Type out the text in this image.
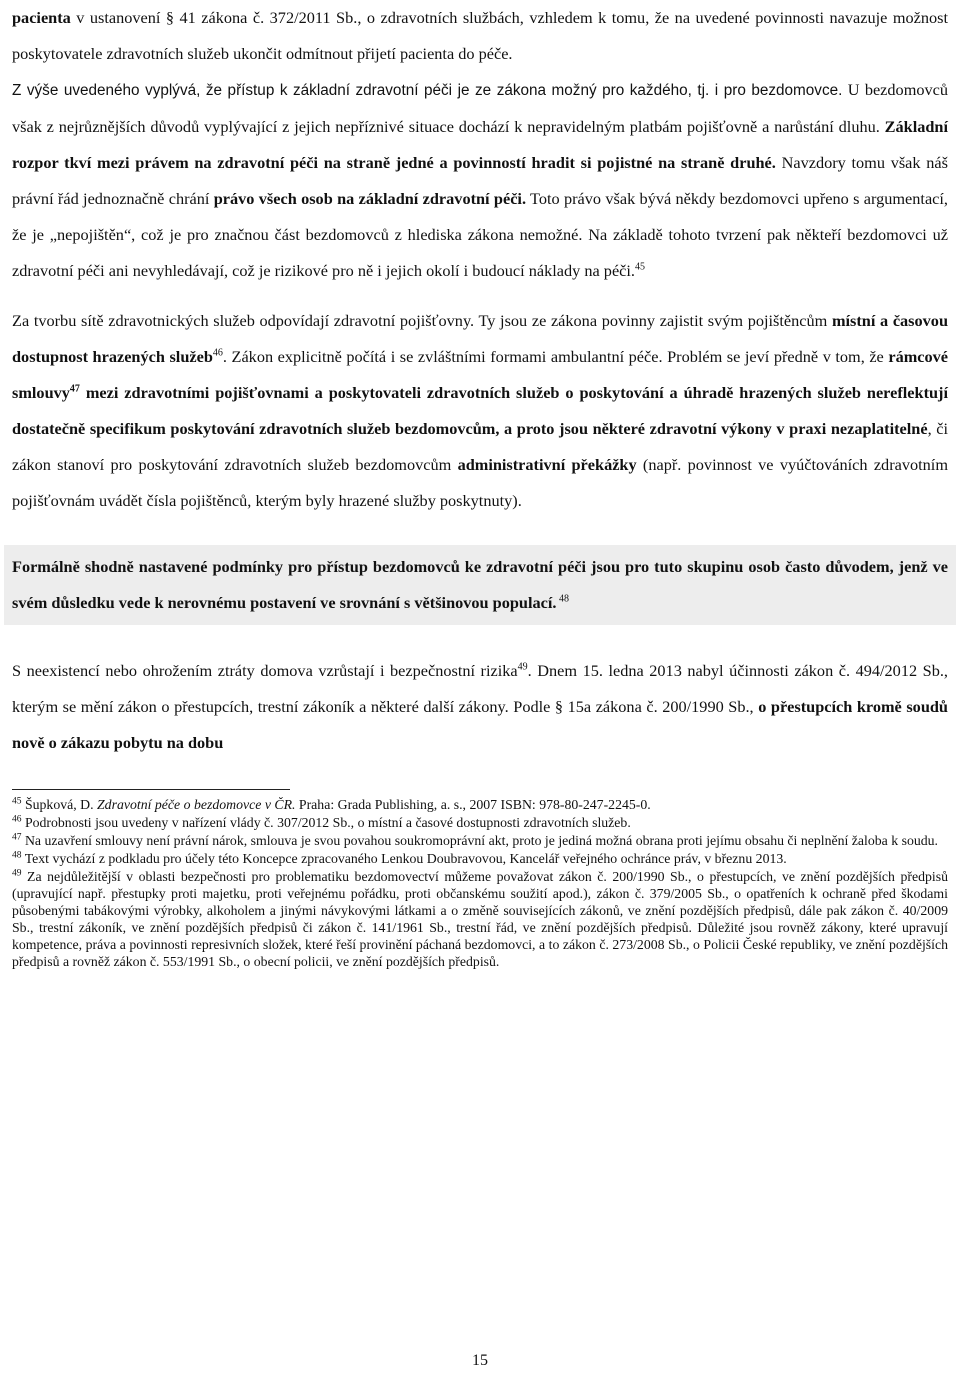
pacienta v ustanovení § 41 zákona č. 372/2011 Sb., o zdravotních službách, vzhledem k tomu, že na uvedené povinnosti navazuje možnost poskytovatele zdravotních služeb ukončit odmítnout přijetí pacienta do péče.

Z výše uvedeného vyplývá, že přístup k základní zdravotní péči je ze zákona možný pro každého, tj. i pro bezdomovce. U bezdomovců však z nejrůznějších důvodů vyplývající z jejich nepříznivé situace dochází k nepravidelným platbám pojišťovně a narůstání dluhu. Základní rozpor tkví mezi právem na zdravotní péči na straně jedné a povinností hradit si pojistné na straně druhé. Navzdory tomu však náš právní řád jednoznačně chrání právo všech osob na základní zdravotní péči. Toto právo však bývá někdy bezdomovci upřeno s argumentací, že je „nepojištěn“, což je pro značnou část bezdomovců z hlediska zákona nemožné. Na základě tohoto tvrzení pak někteří bezdomovci už zdravotní péči ani nevyhledávají, což je rizikové pro ně i jejich okolí i budoucí náklady na péči.$^{45}$

Za tvorbu sítě zdravotnických služeb odpovídají zdravotní pojišťovny. Ty jsou ze zákona povinny zajistit svým pojištěncům místní a časovou dostupnost hrazených služeb$^{46}$. Zákon explicitně počítá i se zvláštními formami ambulantní péče. Problém se jeví předně v tom, že rámcové smlouvy$^{47}$ mezi zdravotními pojišťovnami a poskytovateli zdravotních služeb o poskytování a úhradě hrazených služeb nereflektují dostatečně specifikum poskytování zdravotních služeb bezdomovcům, a proto jsou některé zdravotní výkony v praxi nezaplatitelné, či zákon stanoví pro poskytování zdravotních služeb bezdomovcům administrativní překážky (např. povinnost ve vyúčtováních zdravotním pojišťovnám uvádět čísla pojištěnců, kterým byly hrazené služby poskytnuty).

Formálně shodně nastavené podmínky pro přístup bezdomovců ke zdravotní péči jsou pro tuto skupinu osob často důvodem, jenž ve svém důsledku vede k nerovnému postavení ve srovnání s většinovou populací. $^{48}$

S neexistencí nebo ohrožením ztráty domova vzrůstají i bezpečnostní rizika$^{49}$. Dnem 15. ledna 2013 nabyl účinnosti zákon č. 494/2012 Sb., kterým se mění zákon o přestupcích, trestní zákoník a některé další zákony. Podle § 15a zákona č. 200/1990 Sb., o přestupcích kromě soudů nově o zákazu pobytu na dobu

$^{45}$ Šupková, D. Zdravotní péče o bezdomovce v ČR. Praha: Grada Publishing, a. s., 2007 ISBN: 978-80-247-2245-0.

$^{46}$ Podrobnosti jsou uvedeny v nařízení vlády č. 307/2012 Sb., o místní a časové dostupnosti zdravotních služeb.

$^{47}$ Na uzavření smlouvy není právní nárok, smlouva je svou povahou soukromoprávní akt, proto je jediná možná obrana proti jejímu obsahu či neplnění žaloba k soudu.

$^{48}$ Text vychází z podkladu pro účely této Koncepce zpracovaného Lenkou Doubravovou, Kancelář veřejného ochránce práv, v březnu 2013.

$^{49}$ Za nejdůležitější v oblasti bezpečnosti pro problematiku bezdomovectví můžeme považovat zákon č. 200/1990 Sb., o přestupcích, ve znění pozdějších předpisů (upravující např. přestupky proti majetku, proti veřejnému pořádku, proti občanskému soužití apod.), zákon č. 379/2005 Sb., o opatřeních k ochraně před škodami působenými tabákovými výrobky, alkoholem a jinými návykovými látkami a o změně souvisejících zákonů, ve znění pozdějších předpisů, dále pak zákon č. 40/2009 Sb., trestní zákoník, ve znění pozdějších předpisů či zákon č. 141/1961 Sb., trestní řád, ve znění pozdějších předpisů. Důležité jsou rovněž zákony, které upravují kompetence, práva a povinnosti represivních složek, které řeší provinění páchaná bezdomovci, a to zákon č. 273/2008 Sb., o Policii České republiky, ve znění pozdějších předpisů a rovněž zákon č. 553/1991 Sb., o obecní policii, ve znění pozdějších předpisů.

15
